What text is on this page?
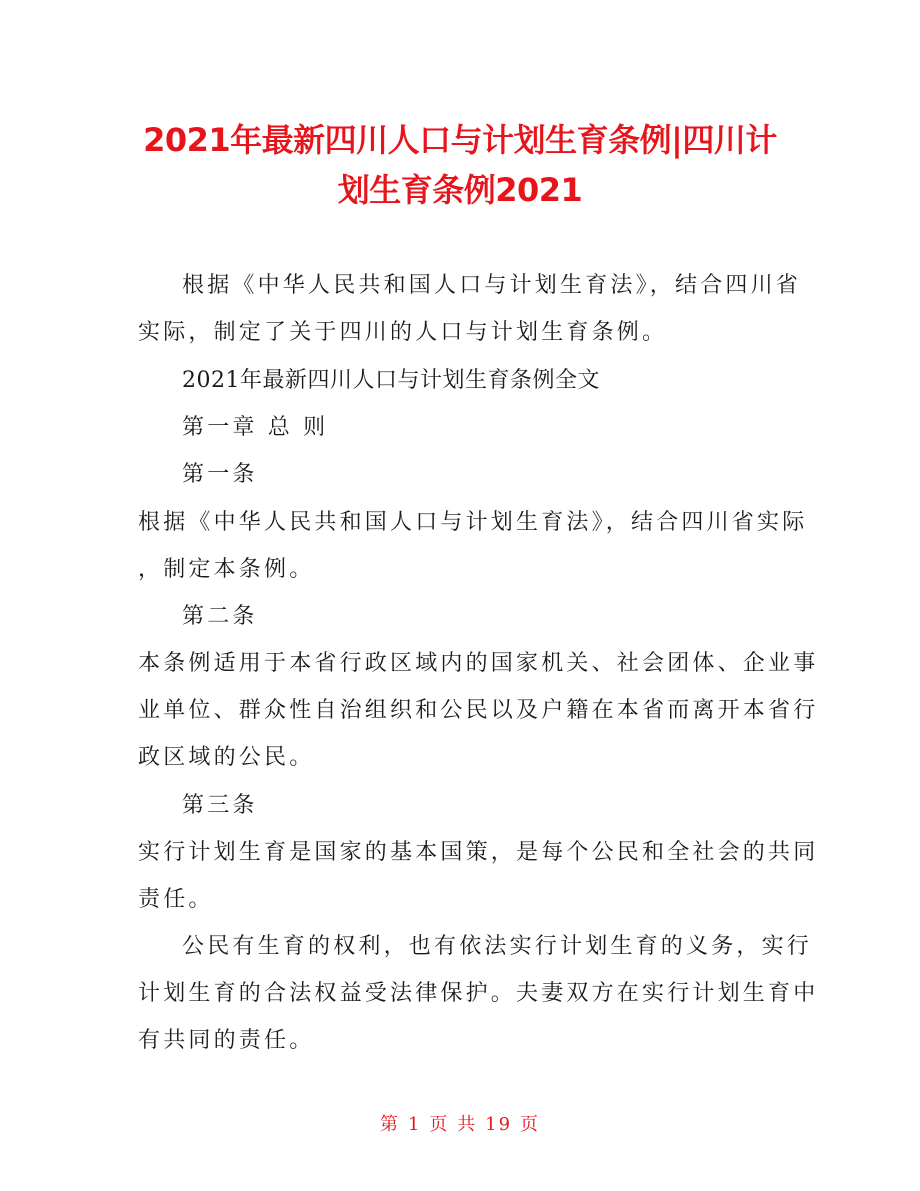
2021年最新四川人口与计划生育条例|四川计
划生育条例2021
根据《中华人民共和国人口与计划生育法》，结合四川省
实际，制定了关于四川的人口与计划生育条例。
2021年最新四川人口与计划生育条例全文
第一章 总 则
第一条
根据《中华人民共和国人口与计划生育法》，结合四川省实际
，制定本条例。
第二条
本条例适用于本省行政区域内的国家机关、社会团体、企业事
业单位、群众性自治组织和公民以及户籍在本省而离开本省行
政区域的公民。
第三条
实行计划生育是国家的基本国策，是每个公民和全社会的共同
责任。
公民有生育的权利，也有依法实行计划生育的义务，实行
计划生育的合法权益受法律保护。夫妻双方在实行计划生育中
有共同的责任。
第 1 页 共 19 页
